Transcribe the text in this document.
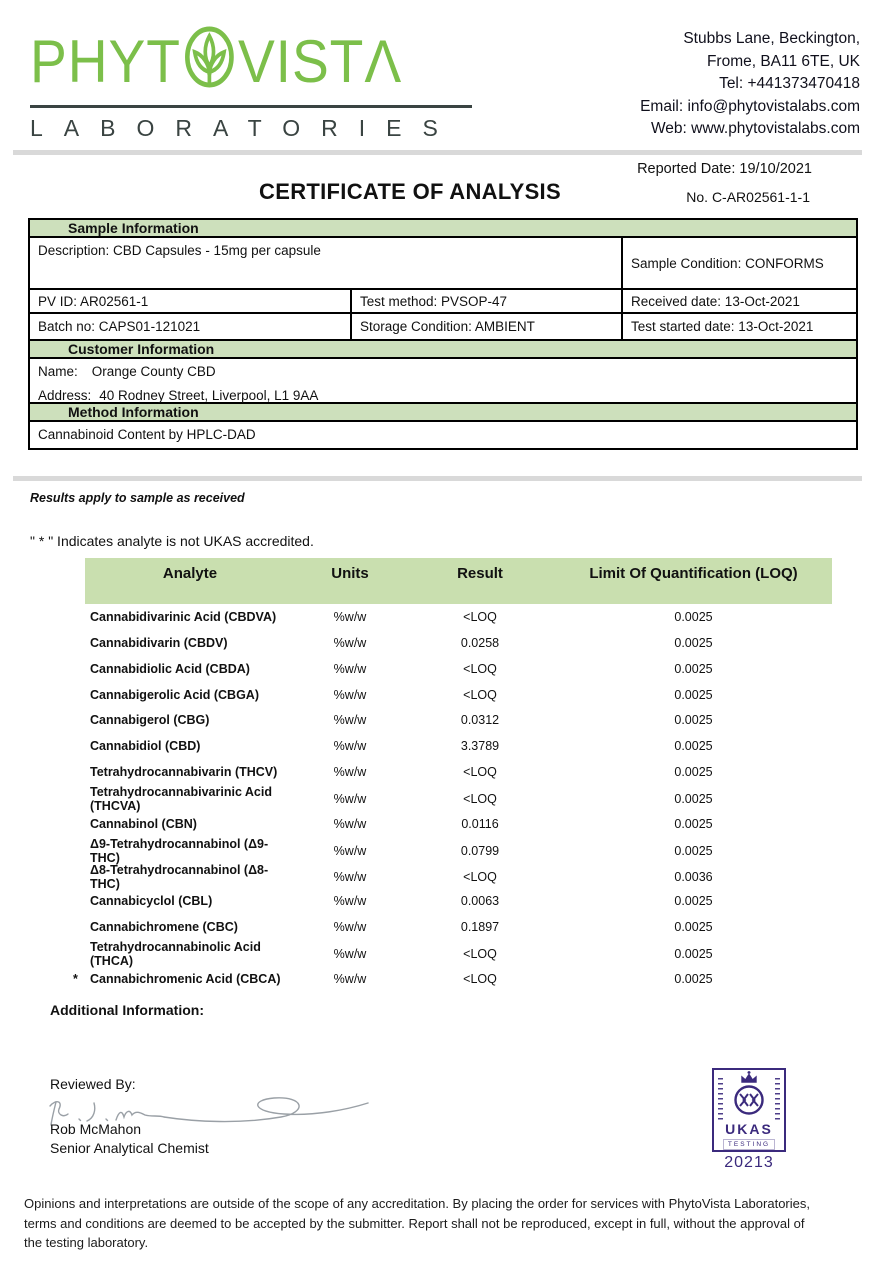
PHYT VISTΛ
LABORATORIES
Stubbs Lane, Beckington,
Frome, BA11 6TE, UK
Tel: +441373470418
Email: info@phytovistalabs.com
Web: www.phytovistalabs.com
Reported Date: 19/10/2021
CERTIFICATE OF ANALYSIS	No. C-AR02561-1-1
Sample Information
Description: CBD Capsules - 15mg per capsule
Sample Condition: CONFORMS
PV ID: AR02561-1	Test method: PVSOP-47	Received date: 13-Oct-2021
Batch no: CAPS01-121021	Storage Condition: AMBIENT	Test started date: 13-Oct-2021
Customer Information
Name: Orange County CBD
Address: 40 Rodney Street, Liverpool, L1 9AA
Method Information
Cannabinoid Content by HPLC-DAD
Results apply to sample as received
" * " Indicates analyte is not UKAS accredited.
Analyte	Units	Result	Limit Of Quantification (LOQ)
Cannabidivarinic Acid (CBDVA)	%w/w	<LOQ	0.0025
Cannabidivarin (CBDV)	%w/w	0.0258	0.0025
Cannabidiolic Acid (CBDA)	%w/w	<LOQ	0.0025
Cannabigerolic Acid (CBGA)	%w/w	<LOQ	0.0025
Cannabigerol (CBG)	%w/w	0.0312	0.0025
Cannabidiol (CBD)	%w/w	3.3789	0.0025
Tetrahydrocannabivarin (THCV)	%w/w	<LOQ	0.0025
Tetrahydrocannabivarinic Acid (THCVA)	%w/w	<LOQ	0.0025
Cannabinol (CBN)	%w/w	0.0116	0.0025
Δ9-Tetrahydrocannabinol (Δ9-THC)	%w/w	0.0799	0.0025
Δ8-Tetrahydrocannabinol (Δ8-THC)	%w/w	<LOQ	0.0036
Cannabicyclol (CBL)	%w/w	0.0063	0.0025
Cannabichromene (CBC)	%w/w	0.1897	0.0025
Tetrahydrocannabinolic Acid (THCA)	%w/w	<LOQ	0.0025
* Cannabichromenic Acid (CBCA)	%w/w	<LOQ	0.0025
Additional Information:
Reviewed By:
Rob McMahon
Senior Analytical Chemist
UKAS
TESTING
20213
Opinions and interpretations are outside of the scope of any accreditation. By placing the order for services with PhytoVista Laboratories, terms and conditions are deemed to be accepted by the submitter. Report shall not be reproduced, except in full, without the approval of the testing laboratory.
